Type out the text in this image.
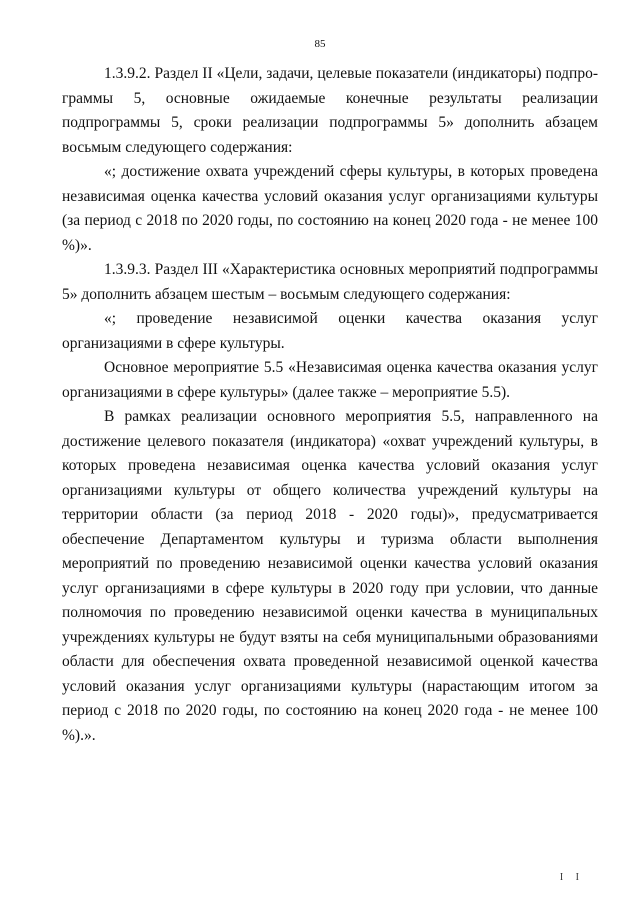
85

1.3.9.2. Раздел II «Цели, задачи, целевые показатели (индикаторы) подпрограммы 5, основные ожидаемые конечные результаты реализации подпрограммы 5, сроки реализации подпрограммы 5» дополнить абзацем восьмым следующего содержания:

«; достижение охвата учреждений сферы культуры, в которых проведена независимая оценка качества условий оказания услуг организациями культуры (за период с 2018 по 2020 годы, по состоянию на конец 2020 года - не менее 100 %)».

1.3.9.3. Раздел III «Характеристика основных мероприятий подпрограммы 5» дополнить абзацем шестым – восьмым следующего содержания:

«; проведение независимой оценки качества оказания услуг организациями в сфере культуры.

Основное мероприятие 5.5 «Независимая оценка качества оказания услуг организациями в сфере культуры» (далее также – мероприятие 5.5).

В рамках реализации основного мероприятия 5.5, направленного на достижение целевого показателя (индикатора) «охват учреждений культуры, в которых проведена независимая оценка качества условий оказания услуг организациями культуры от общего количества учреждений культуры на территории области (за период 2018 - 2020 годы)», предусматривается обеспечение Департаментом культуры и туризма области выполнения мероприятий по проведению независимой оценки качества условий оказания услуг организациями в сфере культуры в 2020 году при условии, что данные полномочия по проведению независимой оценки качества в муниципальных учреждениях культуры не будут взяты на себя муниципальными образованиями области для обеспечения охвата проведенной независимой оценкой качества условий оказания услуг организациями культуры (нарастающим итогом за период с 2018 по 2020 годы, по состоянию на конец 2020 года - не менее 100 %).».

I I
